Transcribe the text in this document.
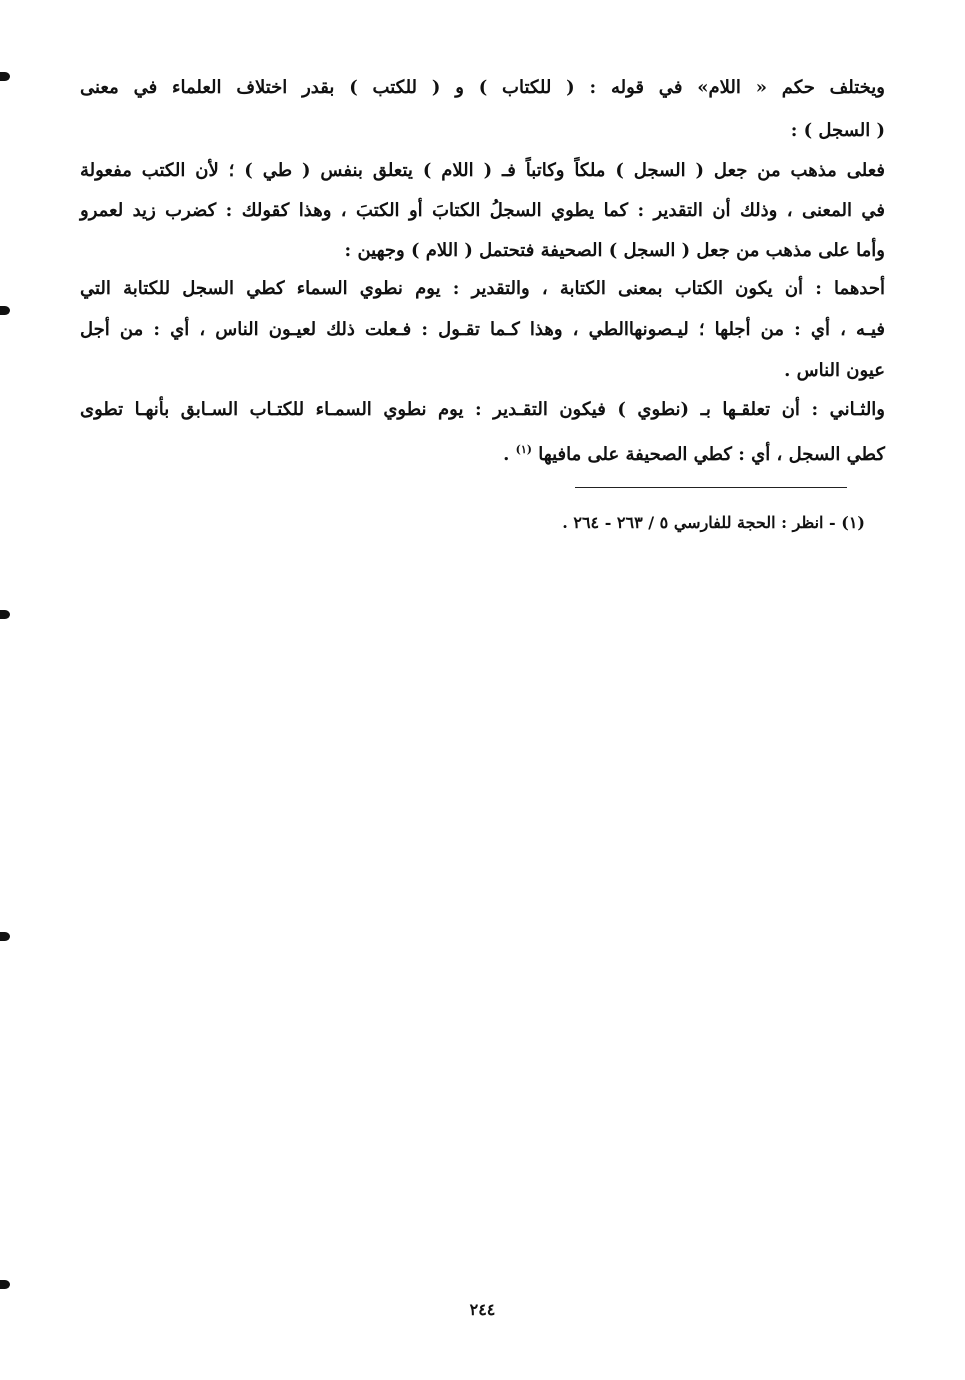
ويختلف حكم « اللام» في قوله : ( للكتاب ) و ( للكتب ) بقدر اختلاف العلماء في معنى
( السجل ) :
فعلى مذهب من جعل ( السجل ) ملكاً وكاتباً فـ ( اللام ) يتعلق بنفس ( طي ) ؛ لأن الكتب مفعولة
في المعنى ، وذلك أن التقدير : كما يطوي السجلُ الكتابَ أو الكتبَ ، وهذا كقولك : كضرب زيد لعمرو
وأما على مذهب من جعل ( السجل ) الصحيفة فتحتمل ( اللام ) وجهين :
أحدهما : أن يكون الكتاب بمعنى الكتابة ، والتقدير : يوم نطوي السماء كطي السجل للكتابة التي
فيـه ، أي : من أجلها ؛ ليـصونهاالطي ، وهذا كـما تقـول : فـعلت ذلك لعيـون الناس ، أي : من أجل
عيون الناس .
والثـاني : أن تعلقـها بـ (نطوي ) فيكون التقـدير : يوم نطوي السمـاء للكتـاب السـابق بأنهـا تطوى
كطي السجل ، أي : كطي الصحيفة على مافيها $^{(١)}$ .
(١) - انظر : الحجة للفارسي ٥ / ٢٦٣ - ٢٦٤ .
٢٤٤
